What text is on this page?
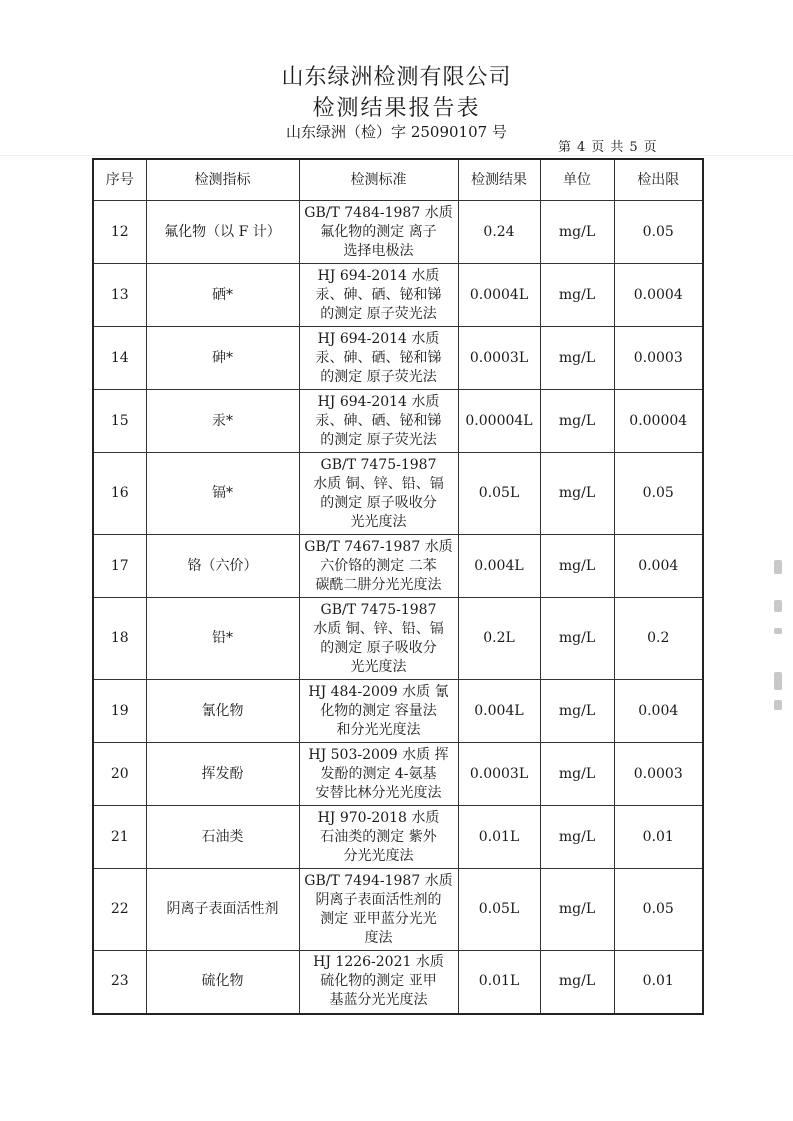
山东绿洲检测有限公司
检测结果报告表
山东绿洲（检）字 25090107 号
第 4 页 共 5 页
序号	检测指标	检测标准	检测结果	单位	检出限
12	氟化物（以 F 计）	GB/T 7484-1987 水质
氟化物的测定 离子
选择电极法	0.24	mg/L	0.05
13	硒*	HJ 694-2014 水质
汞、砷、硒、铋和锑
的测定 原子荧光法	0.0004L	mg/L	0.0004
14	砷*	HJ 694-2014 水质
汞、砷、硒、铋和锑
的测定 原子荧光法	0.0003L	mg/L	0.0003
15	汞*	HJ 694-2014 水质
汞、砷、硒、铋和锑
的测定 原子荧光法	0.00004L	mg/L	0.00004
16	镉*	GB/T 7475-1987
水质 铜、锌、铅、镉
的测定 原子吸收分
光光度法	0.05L	mg/L	0.05
17	铬（六价）	GB/T 7467-1987 水质
六价铬的测定 二苯
碳酰二肼分光光度法	0.004L	mg/L	0.004
18	铅*	GB/T 7475-1987
水质 铜、锌、铅、镉
的测定 原子吸收分
光光度法	0.2L	mg/L	0.2
19	氰化物	HJ 484-2009 水质 氰
化物的测定 容量法
和分光光度法	0.004L	mg/L	0.004
20	挥发酚	HJ 503-2009 水质 挥
发酚的测定 4-氨基
安替比林分光光度法	0.0003L	mg/L	0.0003
21	石油类	HJ 970-2018 水质
石油类的测定 紫外
分光光度法	0.01L	mg/L	0.01
22	阴离子表面活性剂	GB/T 7494-1987 水质
阴离子表面活性剂的
测定 亚甲蓝分光光
度法	0.05L	mg/L	0.05
23	硫化物	HJ 1226-2021 水质
硫化物的测定 亚甲
基蓝分光光度法	0.01L	mg/L	0.01
